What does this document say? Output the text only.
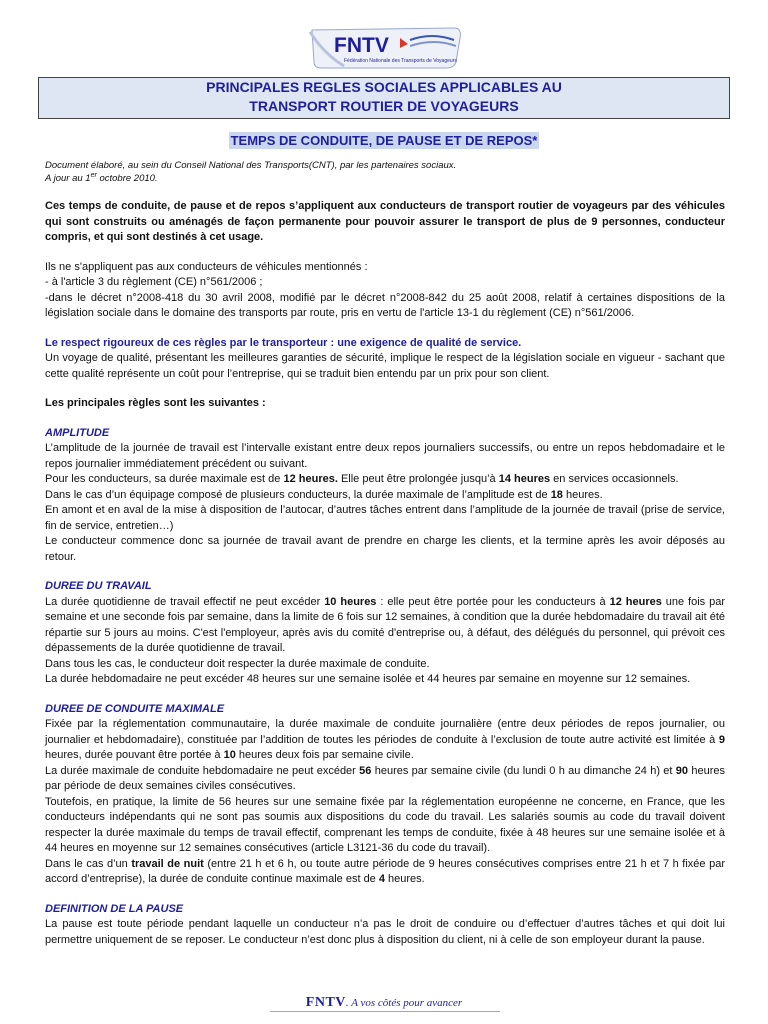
FNTV
Fédération Nationale des Transports de Voyageurs
PRINCIPALES REGLES SOCIALES APPLICABLES AU
TRANSPORT ROUTIER DE VOYAGEURS
TEMPS DE CONDUITE, DE PAUSE ET DE REPOS*

Document élaboré, au sein du Conseil National des Transports(CNT), par les partenaires sociaux.

A jour au 1er octobre 2010.

Ces temps de conduite, de pause et de repos s’appliquent aux conducteurs de transport routier de voyageurs par des véhicules qui sont construits ou aménagés de façon permanente pour pouvoir assurer le transport de plus de 9 personnes, conducteur compris, et qui sont destinés à cet usage.

Ils ne s'appliquent pas aux conducteurs de véhicules mentionnés :

- à l'article 3 du règlement (CE) n°561/2006 ;

-dans le décret n°2008-418 du 30 avril 2008, modifié par le décret n°2008-842 du 25 août 2008, relatif à certaines dispositions de la législation sociale dans le domaine des transports par route, pris en vertu de l'article 13-1 du règlement (CE) n°561/2006.

Le respect rigoureux de ces règles par le transporteur : une exigence de qualité de service.

Un voyage de qualité, présentant les meilleures garanties de sécurité, implique le respect de la législation sociale en vigueur - sachant que cette qualité représente un coût pour l’entreprise, qui se traduit bien entendu par un prix pour son client.

Les principales règles sont les suivantes :

AMPLITUDE

L’amplitude de la journée de travail est l’intervalle existant entre deux repos journaliers successifs, ou entre un repos hebdomadaire et le repos journalier immédiatement précédent ou suivant.

Pour les conducteurs, sa durée maximale est de 12 heures. Elle peut être prolongée jusqu’à 14 heures en services occasionnels.

Dans le cas d’un équipage composé de plusieurs conducteurs, la durée maximale de l’amplitude est de 18 heures.

En amont et en aval de la mise à disposition de l’autocar, d’autres tâches entrent dans l’amplitude de la journée de travail (prise de service, fin de service, entretien…)

Le conducteur commence donc sa journée de travail avant de prendre en charge les clients, et la termine après les avoir déposés au retour.

DUREE DU TRAVAIL

La durée quotidienne de travail effectif ne peut excéder 10 heures : elle peut être portée pour les conducteurs à 12 heures une fois par semaine et une seconde fois par semaine, dans la limite de 6 fois sur 12 semaines, à condition que la durée hebdomadaire du travail ait été répartie sur 5 jours au moins. C'est l'employeur, après avis du comité d'entreprise ou, à défaut, des délégués du personnel, qui prévoit ces dépassements de la durée quotidienne de travail.

Dans tous les cas, le conducteur doit respecter la durée maximale de conduite.

La durée hebdomadaire ne peut excéder 48 heures sur une semaine isolée et 44 heures par semaine en moyenne sur 12 semaines.

DUREE DE CONDUITE MAXIMALE

Fixée par la réglementation communautaire, la durée maximale de conduite journalière (entre deux périodes de repos journalier, ou journalier et hebdomadaire), constituée par l’addition de toutes les périodes de conduite à l’exclusion de toute autre activité est limitée à 9 heures, durée pouvant être portée à 10 heures deux fois par semaine civile.

La durée maximale de conduite hebdomadaire ne peut excéder 56 heures par semaine civile (du lundi 0 h au dimanche 24 h) et 90 heures par période de deux semaines civiles consécutives.

Toutefois, en pratique, la limite de 56 heures sur une semaine fixée par la réglementation européenne ne concerne, en France, que les conducteurs indépendants qui ne sont pas soumis aux dispositions du code du travail. Les salariés soumis au code du travail doivent respecter la durée maximale du temps de travail effectif, comprenant les temps de conduite, fixée à 48 heures sur une semaine isolée et à 44 heures en moyenne sur 12 semaines consécutives (article L3121-36 du code du travail).

Dans le cas d’un travail de nuit (entre 21 h et 6 h, ou toute autre période de 9 heures consécutives comprises entre 21 h et 7 h fixée par accord d’entreprise), la durée de conduite continue maximale est de 4 heures.

DEFINITION DE LA PAUSE

La pause est toute période pendant laquelle un conducteur n’a pas le droit de conduire ou d’effectuer d’autres tâches et qui doit lui permettre uniquement de se reposer. Le conducteur n’est donc plus à disposition du client, ni à celle de son employeur durant la pause.

FNTV. A vos côtés pour avancer
